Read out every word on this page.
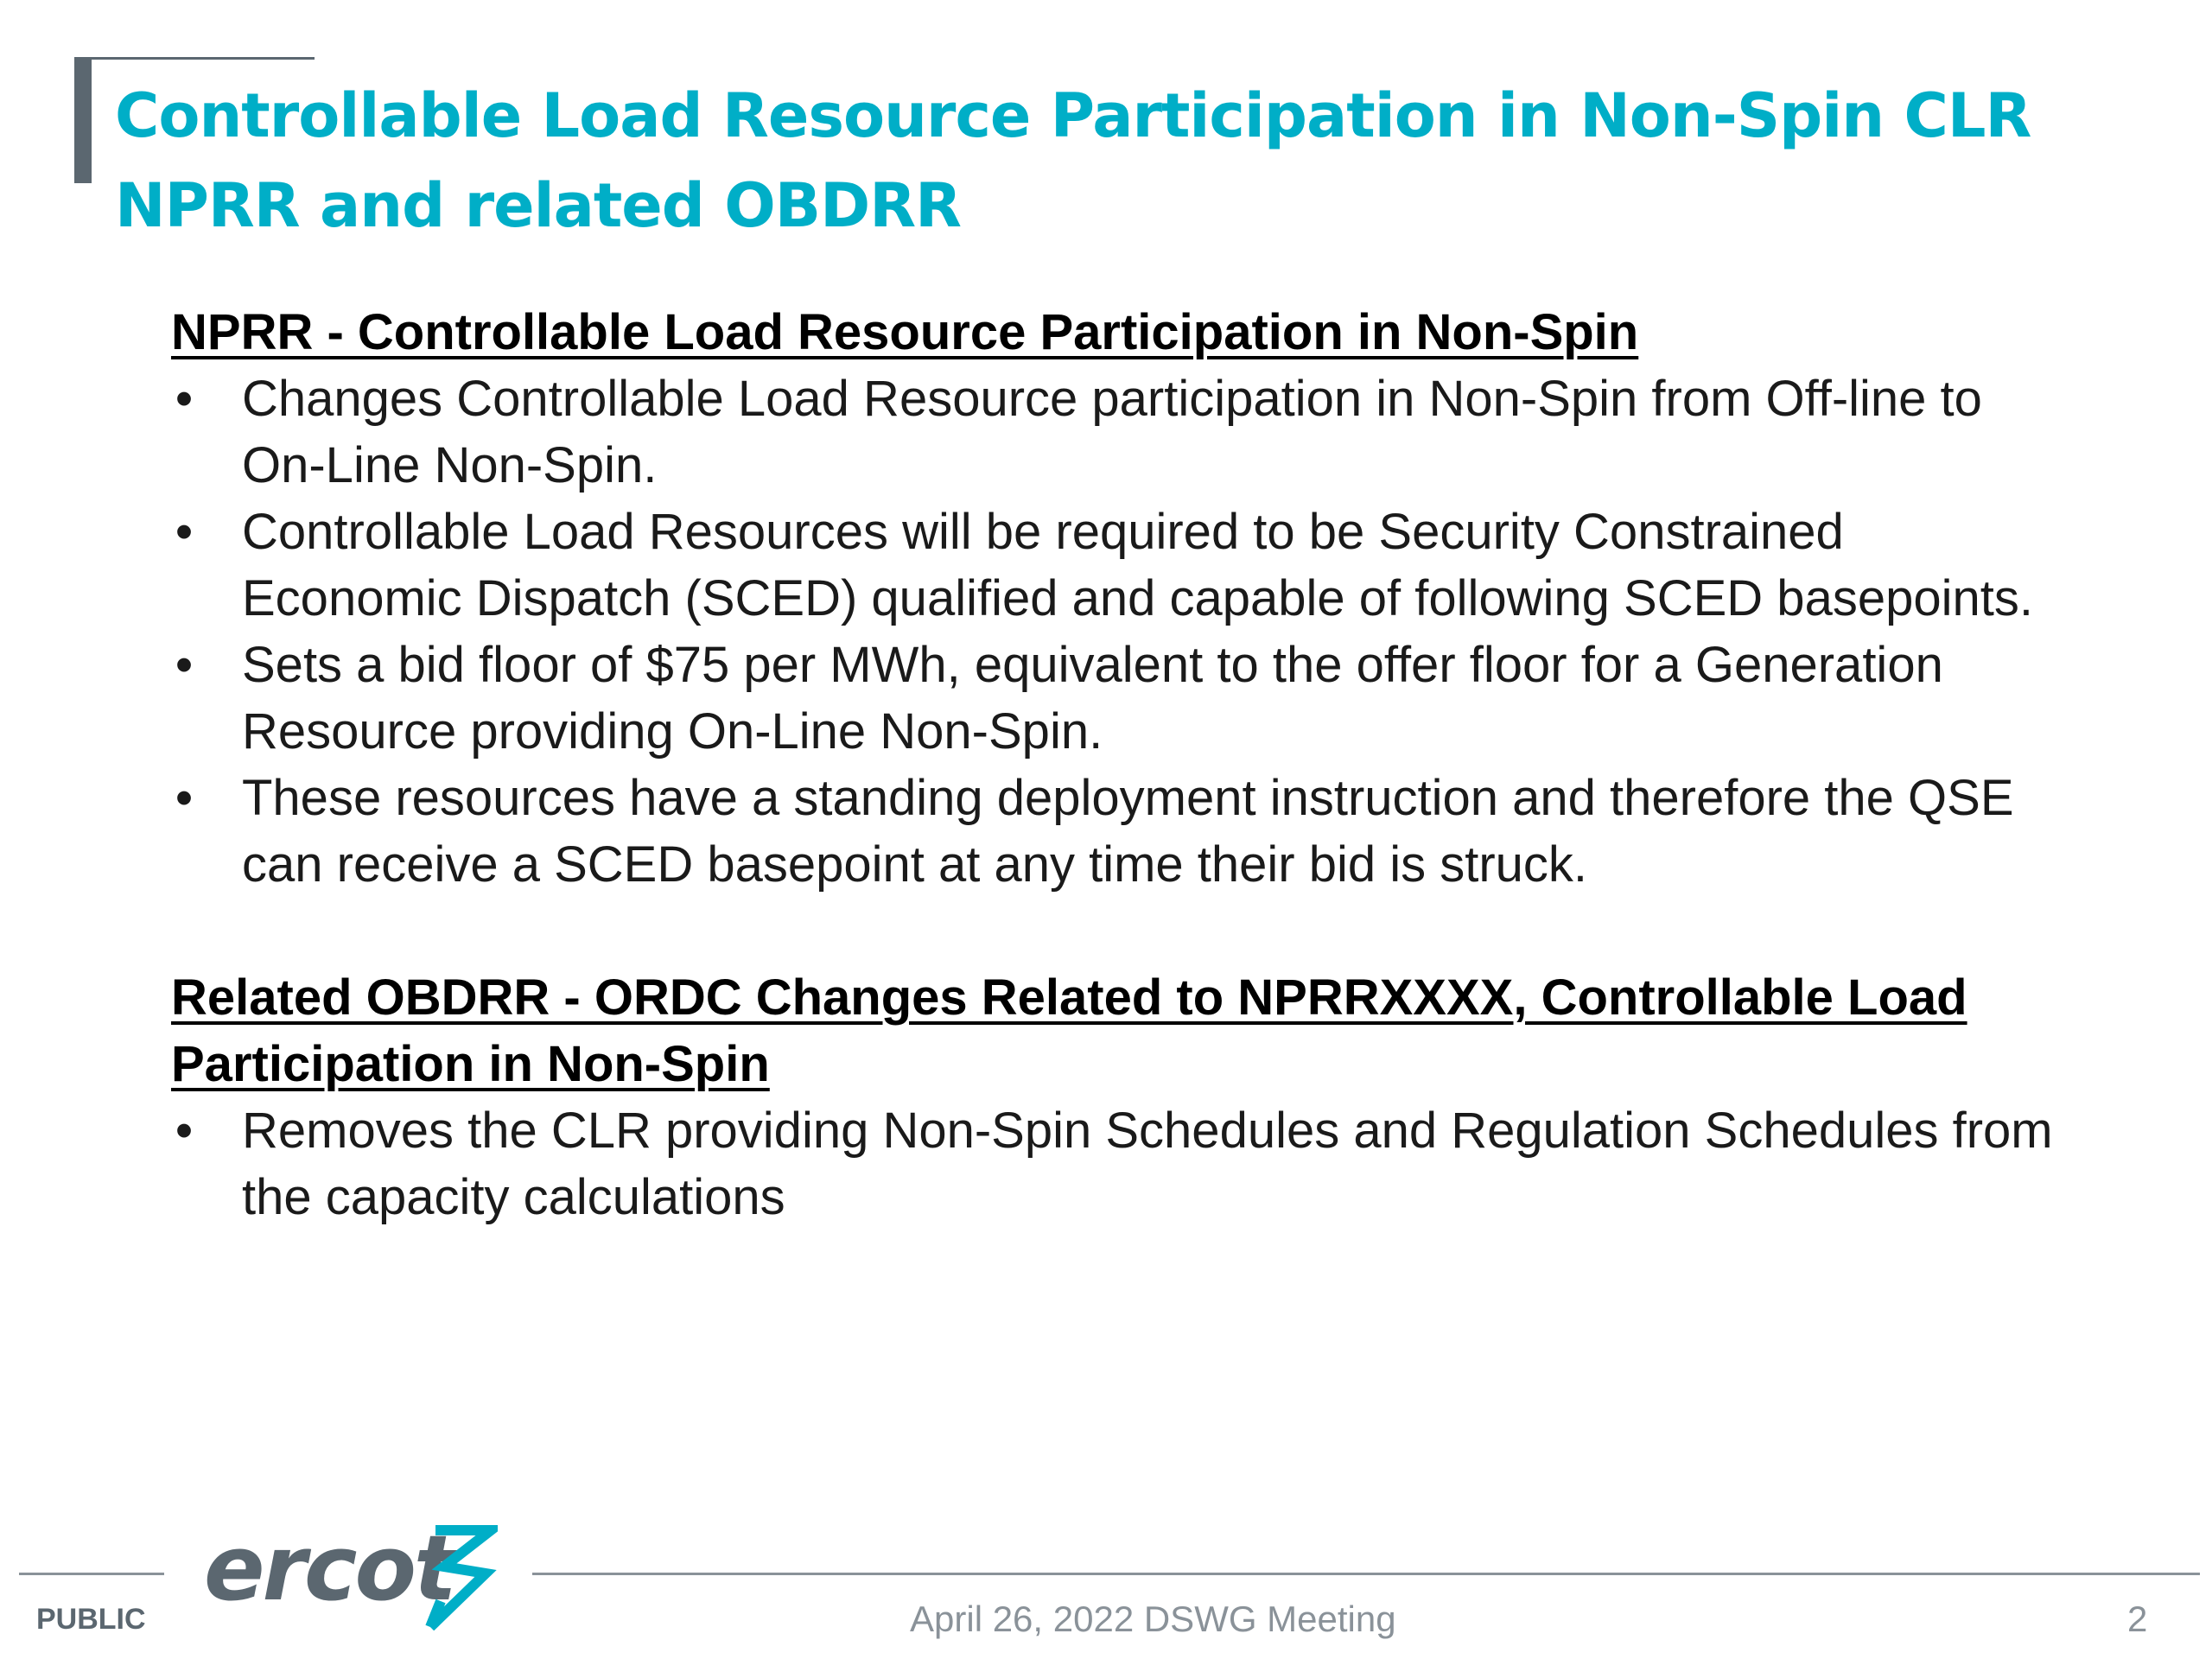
Controllable Load Resource Participation in Non-Spin CLR NPRR and related OBDRR

NPRR - Controllable Load Resource Participation in Non-Spin

• Changes Controllable Load Resource participation in Non-Spin from Off-line to On-Line Non-Spin.
• Controllable Load Resources will be required to be Security Constrained Economic Dispatch (SCED) qualified and capable of following SCED basepoints.
• Sets a bid floor of $75 per MWh, equivalent to the offer floor for a Generation Resource providing On-Line Non-Spin.
• These resources have a standing deployment instruction and therefore the QSE can receive a SCED basepoint at any time their bid is struck.

Related OBDRR - ORDC Changes Related to NPRRXXXX, Controllable Load Participation in Non-Spin

• Removes the CLR providing Non-Spin Schedules and Regulation Schedules from the capacity calculations
ercot
PUBLIC	April 26, 2022 DSWG Meeting	2
